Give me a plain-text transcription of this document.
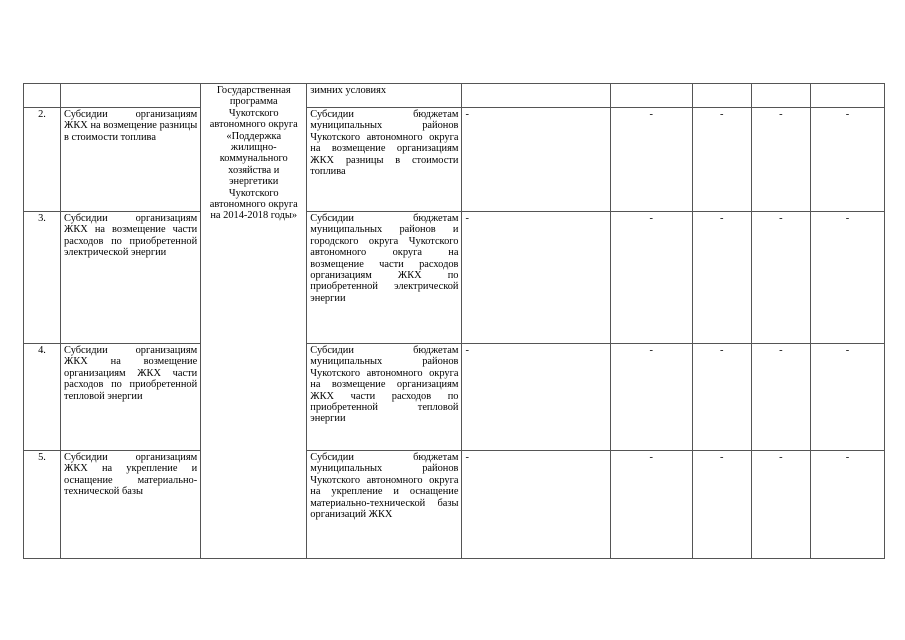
		Государственная программа Чукотского автономного округа «Поддержка жилищно-коммунального хозяйства и энергетики Чукотского автономного округа на 2014-2018 годы»	зимних условиях					
2.	Субсидии организациям ЖКХ на возмещение разницы в стоимости топлива		Субсидии бюджетам муниципальных районов Чукотского автономного округа на возмещение организациям ЖКХ разницы в стоимости топлива	-	-	-	-	-
3.	Субсидии организациям ЖКХ на возмещение части расходов по приобретенной электрической энергии		Субсидии бюджетам муниципальных районов и городского округа Чукотского автономного округа на возмещение части расходов организациям ЖКХ по приобретенной электрической энергии	-	-	-	-	-
4.	Субсидии организациям ЖКХ на возмещение организациям ЖКХ части расходов по приобретенной тепловой энергии		Субсидии бюджетам муниципальных районов Чукотского автономного округа на возмещение организациям ЖКХ части расходов по приобретенной тепловой энергии	-	-	-	-	-
5.	Субсидии организациям ЖКХ на укрепление и оснащение материально-технической базы		Субсидии бюджетам муниципальных районов Чукотского автономного округа на укрепление и оснащение материально-технической базы организаций ЖКХ	-	-	-	-	-
